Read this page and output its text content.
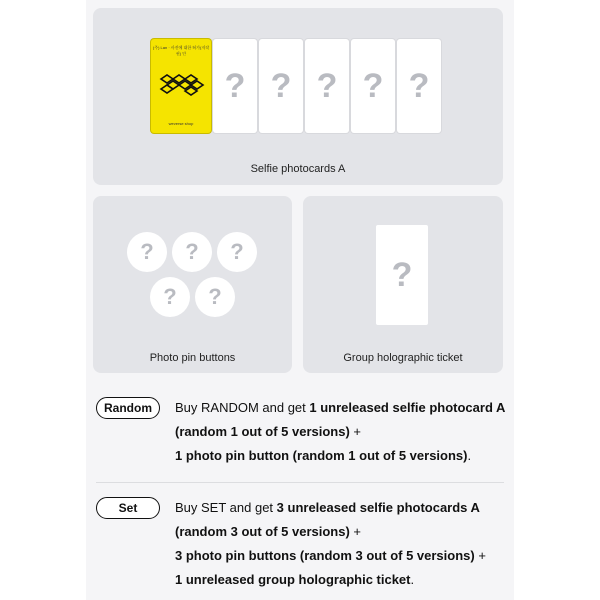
(주) Lan · 사진에 대한 허가(저작권) 안
weverse shop
? ? ? ? ?
Selfie photocards A
? ? ?
? ?
Photo pin buttons
?
Group holographic ticket
Random	Buy RANDOM and get 1 unreleased selfie photocard A
(random 1 out of 5 versions) +
1 photo pin button (random 1 out of 5 versions).
Set	Buy SET and get 3 unreleased selfie photocards A
(random 3 out of 5 versions) +
3 photo pin buttons (random 3 out of 5 versions) +
1 unreleased group holographic ticket.
